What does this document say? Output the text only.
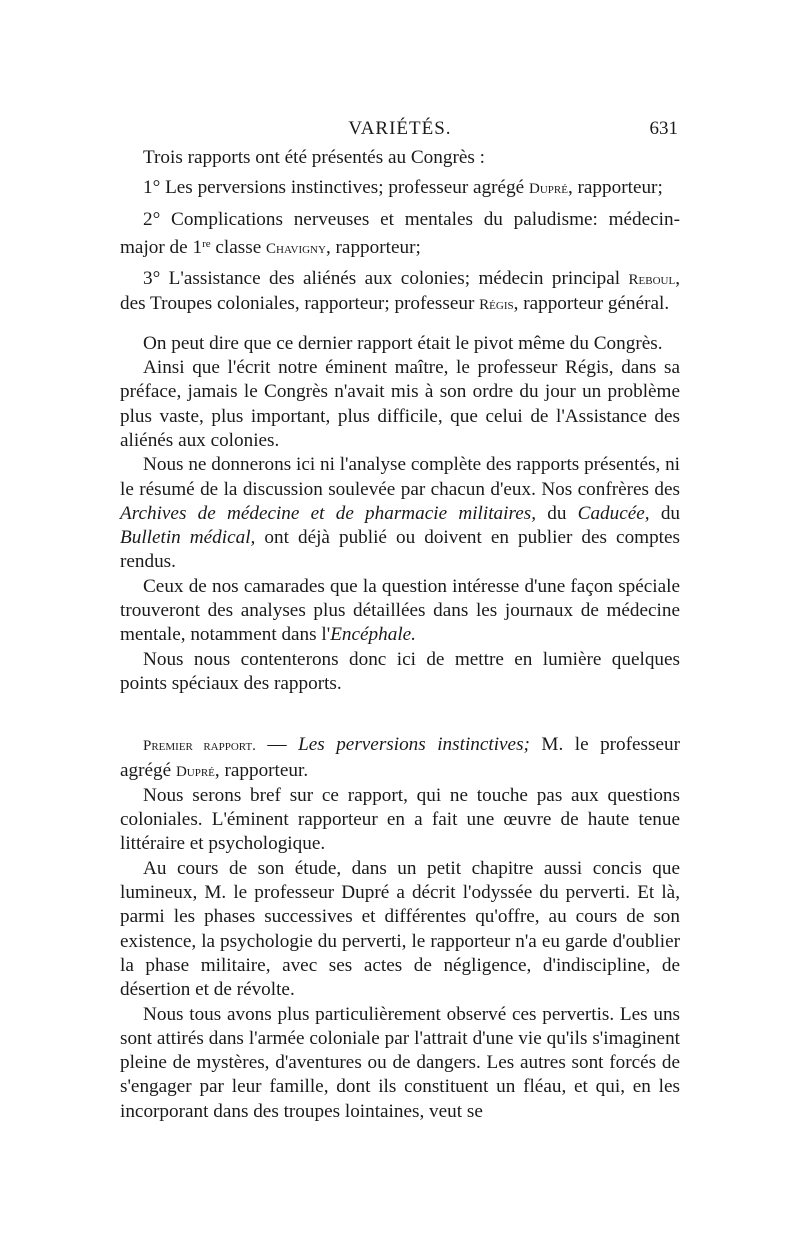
VARIÉTÉS.	631

Trois rapports ont été présentés au Congrès :

1° Les perversions instinctives; professeur agrégé Dupré, rapporteur;

2° Complications nerveuses et mentales du paludisme: médecin-major de 1re classe Chavigny, rapporteur;

3° L'assistance des aliénés aux colonies; médecin principal Reboul, des Troupes coloniales, rapporteur; professeur Régis, rapporteur général.

On peut dire que ce dernier rapport était le pivot même du Congrès.

Ainsi que l'écrit notre éminent maître, le professeur Régis, dans sa préface, jamais le Congrès n'avait mis à son ordre du jour un problème plus vaste, plus important, plus difficile, que celui de l'Assistance des aliénés aux colonies.

Nous ne donnerons ici ni l'analyse complète des rapports présentés, ni le résumé de la discussion soulevée par chacun d'eux. Nos confrères des Archives de médecine et de pharmacie militaires, du Caducée, du Bulletin médical, ont déjà publié ou doivent en publier des comptes rendus.

Ceux de nos camarades que la question intéresse d'une façon spéciale trouveront des analyses plus détaillées dans les journaux de médecine mentale, notamment dans l'Encéphale.

Nous nous contenterons donc ici de mettre en lumière quelques points spéciaux des rapports.

Premier rapport. — Les perversions instinctives; M. le professeur agrégé Dupré, rapporteur.

Nous serons bref sur ce rapport, qui ne touche pas aux questions coloniales. L'éminent rapporteur en a fait une œuvre de haute tenue littéraire et psychologique.

Au cours de son étude, dans un petit chapitre aussi concis que lumineux, M. le professeur Dupré a décrit l'odyssée du perverti. Et là, parmi les phases successives et différentes qu'offre, au cours de son existence, la psychologie du perverti, le rapporteur n'a eu garde d'oublier la phase militaire, avec ses actes de négligence, d'indiscipline, de désertion et de révolte.

Nous tous avons plus particulièrement observé ces pervertis. Les uns sont attirés dans l'armée coloniale par l'attrait d'une vie qu'ils s'imaginent pleine de mystères, d'aventures ou de dangers. Les autres sont forcés de s'engager par leur famille, dont ils constituent un fléau, et qui, en les incorporant dans des troupes lointaines, veut se
